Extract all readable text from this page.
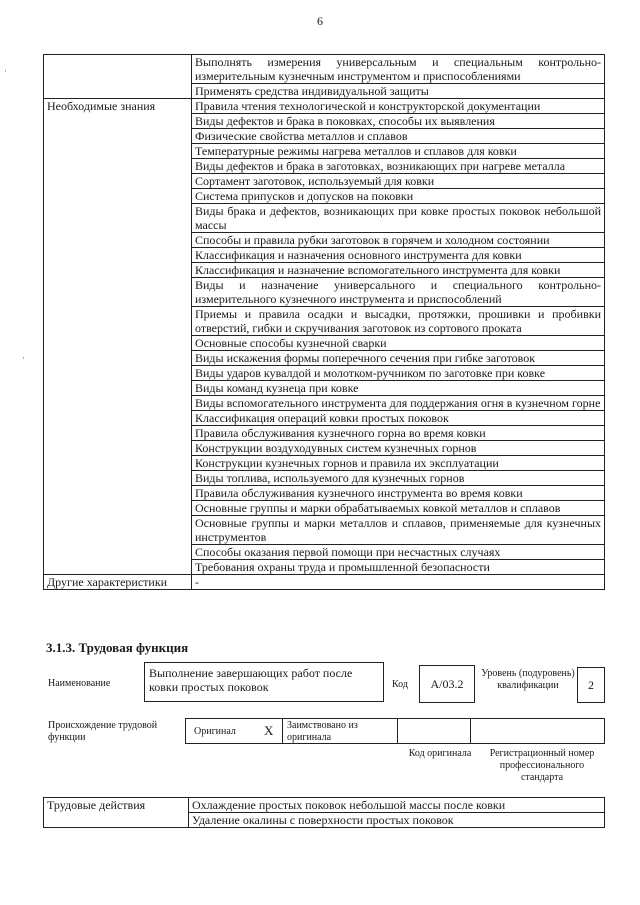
6
·
·
	Выполнять измерения универсальным и специальным контрольно-измерительным кузнечным инструментом и приспособлениями
	Применять средства индивидуальной защиты
Необходимые знания	Правила чтения технологической и конструкторской документации
	Виды дефектов и брака в поковках, способы их выявления
	Физические свойства металлов и сплавов
	Температурные режимы нагрева металлов и сплавов для ковки
	Виды дефектов и брака в заготовках, возникающих при нагреве металла
	Сортамент заготовок, используемый для ковки
	Система припусков и допусков на поковки
	Виды брака и дефектов, возникающих при ковке простых поковок небольшой массы
	Способы и правила рубки заготовок в горячем и холодном состоянии
	Классификация и назначения основного инструмента для ковки
	Классификация и назначение вспомогательного инструмента для ковки
	Виды и назначение универсального и специального контрольно-измерительного кузнечного инструмента и приспособлений
	Приемы и правила осадки и высадки, протяжки, прошивки и пробивки отверстий, гибки и скручивания заготовок из сортового проката
	Основные способы кузнечной сварки
	Виды искажения формы поперечного сечения при гибке заготовок
	Виды ударов кувалдой и молотком-ручником по заготовке при ковке
	Виды команд кузнеца при ковке
	Виды вспомогательного инструмента для поддержания огня в кузнечном горне
	Классификация операций ковки простых поковок
	Правила обслуживания кузнечного горна во время ковки
	Конструкции воздуходувных систем кузнечных горнов
	Конструкции кузнечных горнов и правила их эксплуатации
	Виды топлива, используемого для кузнечных горнов
	Правила обслуживания кузнечного инструмента во время ковки
	Основные группы и марки обрабатываемых ковкой металлов и сплавов
	Основные группы и марки металлов и сплавов, применяемые для кузнечных инструментов
	Способы оказания первой помощи при несчастных случаях
	Требования охраны труда и промышленной безопасности
Другие характеристики	-
3.1.3. Трудовая функция
Наименование
Выполнение завершающих работ после ковки простых поковок	Код А/03.2
Уровень (подуровень) квалификации	2
Происхождение трудовой функции
Оригинал X Заимствовано из оригинала
Код оригинала	Регистрационный номер профессионального стандарта
Трудовые действия	Охлаждение простых поковок небольшой массы после ковки
Удаление окалины с поверхности простых поковок
